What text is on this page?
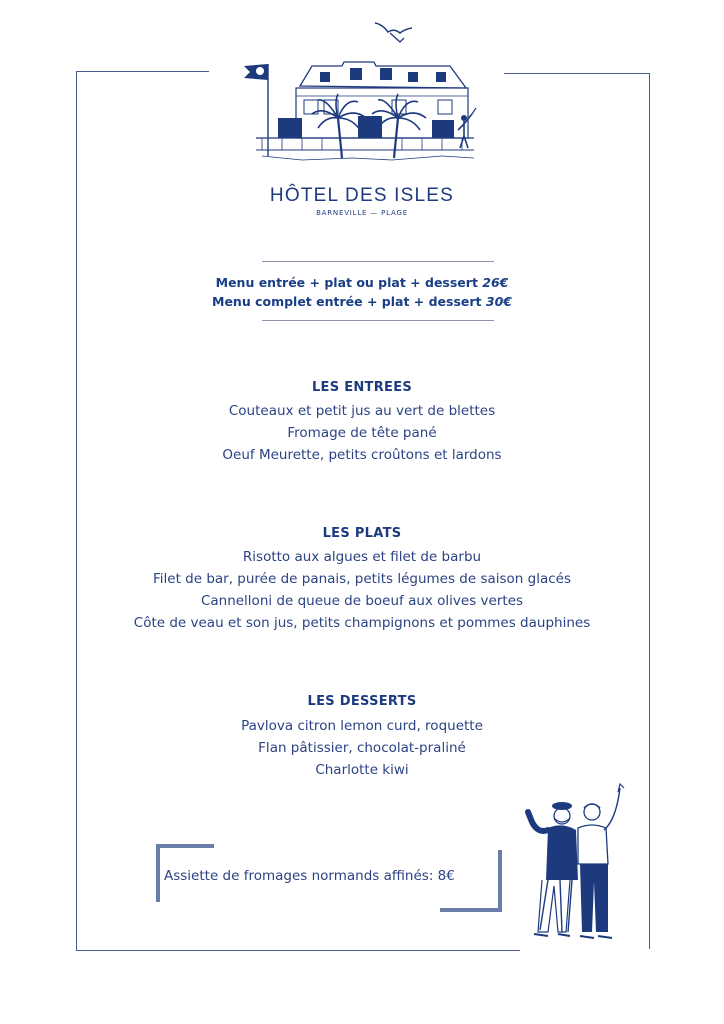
HÔTEL DES ISLES
BARNEVILLE — PLAGE
Menu entrée + plat ou plat + dessert 26€
Menu complet entrée + plat + dessert 30€
LES ENTREES
Couteaux et petit jus au vert de blettes
Fromage de tête pané
Oeuf Meurette, petits croûtons et lardons
LES PLATS
Risotto aux algues et filet de barbu
Filet de bar, purée de panais, petits légumes de saison glacés
Cannelloni de queue de boeuf aux olives vertes
Côte de veau et son jus, petits champignons et pommes dauphines
LES DESSERTS
Pavlova citron lemon curd, roquette
Flan pâtissier, chocolat-praliné
Charlotte kiwi
Assiette de fromages normands affinés: 8€
